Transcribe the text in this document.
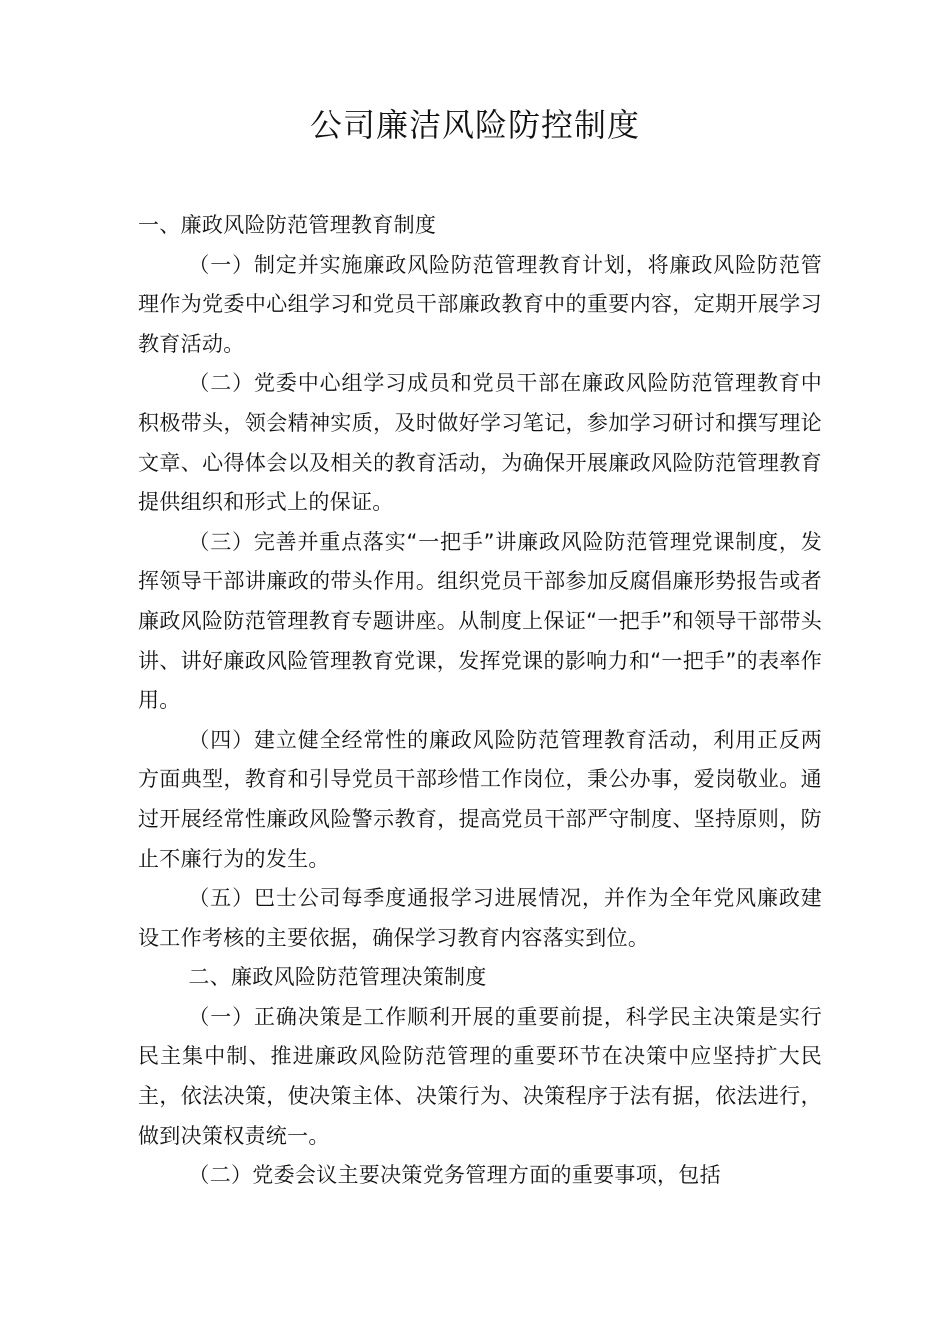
公司廉洁风险防控制度

一、廉政风险防范管理教育制度

（一）制定并实施廉政风险防范管理教育计划，将廉政风险防范管理作为党委中心组学习和党员干部廉政教育中的重要内容，定期开展学习教育活动。

（二）党委中心组学习成员和党员干部在廉政风险防范管理教育中积极带头，领会精神实质，及时做好学习笔记，参加学习研讨和撰写理论文章、心得体会以及相关的教育活动，为确保开展廉政风险防范管理教育提供组织和形式上的保证。

（三）完善并重点落实“一把手”讲廉政风险防范管理党课制度，发挥领导干部讲廉政的带头作用。组织党员干部参加反腐倡廉形势报告或者廉政风险防范管理教育专题讲座。从制度上保证“一把手”和领导干部带头讲、讲好廉政风险管理教育党课，发挥党课的影响力和“一把手”的表率作用。

（四）建立健全经常性的廉政风险防范管理教育活动，利用正反两方面典型，教育和引导党员干部珍惜工作岗位，秉公办事，爱岗敬业。通过开展经常性廉政风险警示教育，提高党员干部严守制度、坚持原则，防止不廉行为的发生。

（五）巴士公司每季度通报学习进展情况，并作为全年党风廉政建设工作考核的主要依据，确保学习教育内容落实到位。

二、廉政风险防范管理决策制度

（一）正确决策是工作顺利开展的重要前提，科学民主决策是实行民主集中制、推进廉政风险防范管理的重要环节在决策中应坚持扩大民主，依法决策，使决策主体、决策行为、决策程序于法有据，依法进行，做到决策权责统一。

（二）党委会议主要决策党务管理方面的重要事项，包括
